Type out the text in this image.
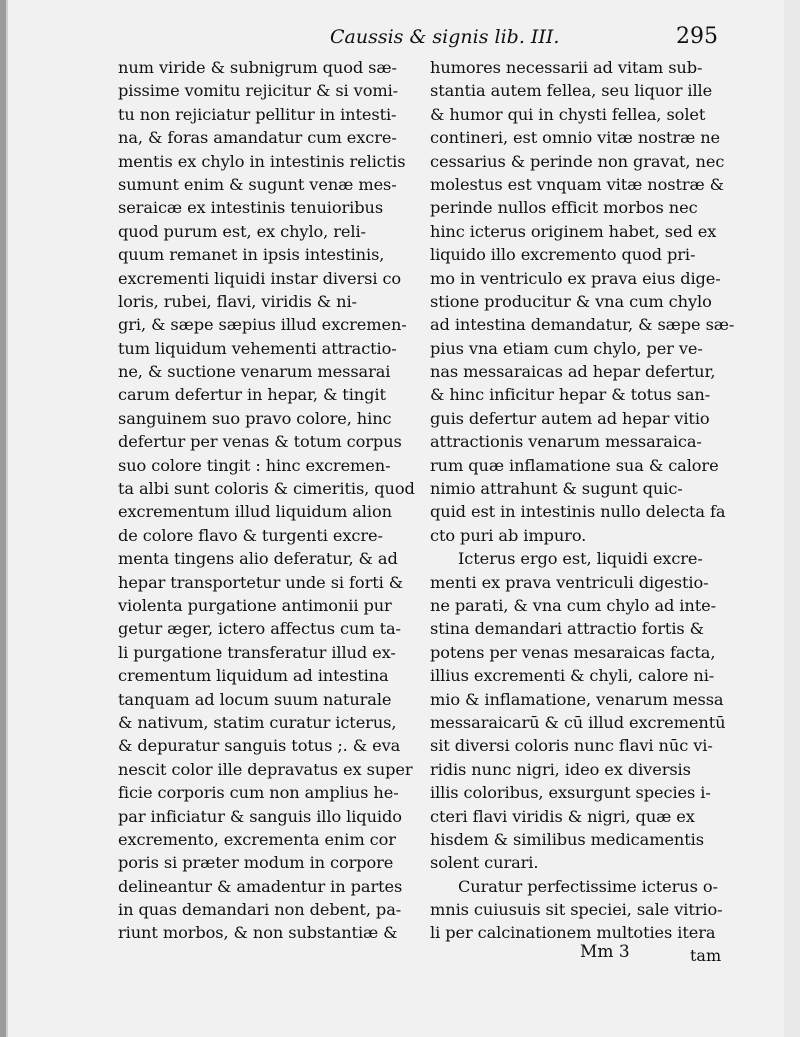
Caussis & signis lib. III.	295
num viride & subnigrum quod sæ-
pissime vomitu rejicitur & si vomi-
tu non rejiciatur pellitur in intesti-
na, & foras amandatur cum excre-
mentis ex chylo in intestinis relictis
sumunt enim & sugunt venæ mes-
seraicæ ex intestinis tenuioribus
quod purum est, ex chylo, reli-
quum remanet in ipsis intestinis,
excrementi liquidi instar diversi co
loris, rubei, flavi, viridis & ni-
gri, & sæpe sæpius illud excremen-
tum liquidum vehementi attractio-
ne, & suctione venarum messarai
carum defertur in hepar, & tingit
sanguinem suo pravo colore, hinc
defertur per venas & totum corpus
suo colore tingit : hinc excremen-
ta albi sunt coloris & cimeritis, quod
excrementum illud liquidum alion
de colore flavo & turgenti excre-
menta tingens alio deferatur, & ad
hepar transportetur unde si forti &
violenta purgatione antimonii pur
getur æger, ictero affectus cum ta-
li purgatione transferatur illud ex-
crementum liquidum ad intestina
tanquam ad locum suum naturale
& nativum, statim curatur icterus,
& depuratur sanguis totus ;. & eva
nescit color ille depravatus ex super
ficie corporis cum non amplius he-
par inficiatur & sanguis illo liquido
excremento, excrementa enim cor
poris si præter modum in corpore
delineantur & amadentur in partes
in quas demandari non debent, pa-
riunt morbos, & non substantiæ &
humores necessarii ad vitam sub-
stantia autem fellea, seu liquor ille
& humor qui in chysti fellea, solet
contineri, est omnio vitæ nostræ ne
cessarius & perinde non gravat, nec
molestus est vnquam vitæ nostræ &
perinde nullos efficit morbos nec
hinc icterus originem habet, sed ex
liquido illo excremento quod pri-
mo in ventriculo ex prava eius dige-
stione producitur & vna cum chylo
ad intestina demandatur, & sæpe sæ-
pius vna etiam cum chylo, per ve-
nas messaraicas ad hepar defertur,
& hinc inficitur hepar & totus san-
guis defertur autem ad hepar vitio
attractionis venarum messaraica-
rum quæ inflamatione sua & calore
nimio attrahunt & sugunt quic-
quid est in intestinis nullo delecta fa
cto puri ab impuro.
Icterus ergo est, liquidi excre-
menti ex prava ventriculi digestio-
ne parati, & vna cum chylo ad inte-
stina demandari attractio fortis &
potens per venas mesaraicas facta,
illius excrementi & chyli, calore ni-
mio & inflamatione, venarum messa
messaraicarū & cū illud excrementū
sit diversi coloris nunc flavi nūc vi-
ridis nunc nigri, ideo ex diversis
illis coloribus, exsurgunt species i-
cteri flavi viridis & nigri, quæ ex
hisdem & similibus medicamentis
solent curari.
Curatur perfectissime icterus o-
mnis cuiusuis sit speciei, sale vitrio-
li per calcinationem multoties itera
Mm 3	tam
